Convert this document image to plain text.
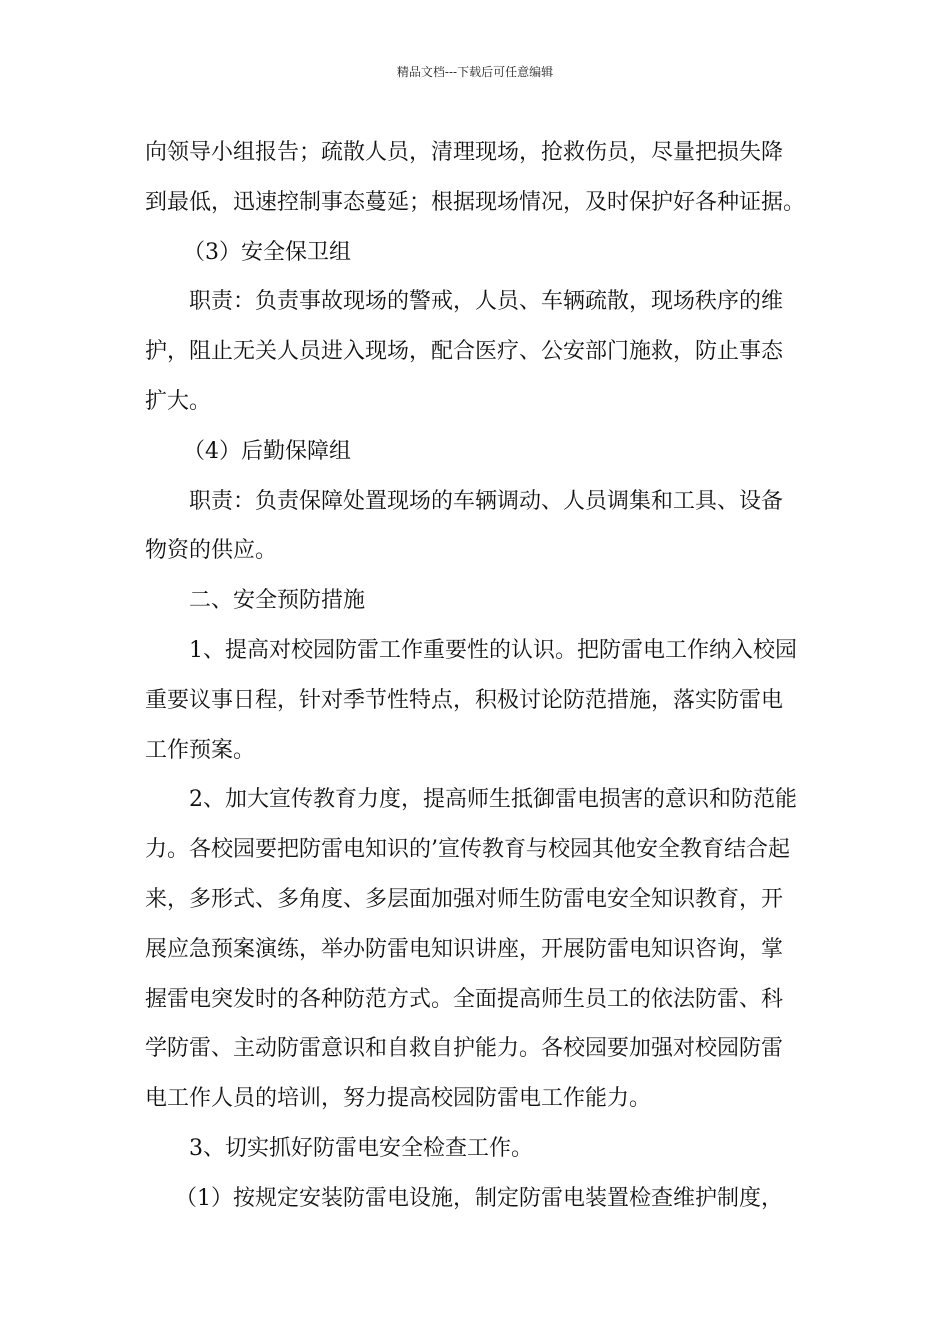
精品文档---下载后可任意编辑
向领导小组报告；疏散人员，清理现场，抢救伤员，尽量把损失降
到最低，迅速控制事态蔓延；根据现场情况，及时保护好各种证据。
（3）安全保卫组
职责：负责事故现场的警戒，人员、车辆疏散，现场秩序的维
护，阻止无关人员进入现场，配合医疗、公安部门施救，防止事态
扩大。
（4）后勤保障组
职责：负责保障处置现场的车辆调动、人员调集和工具、设备
物资的供应。
二、安全预防措施
1、提高对校园防雷工作重要性的认识。把防雷电工作纳入校园
重要议事日程，针对季节性特点，积极讨论防范措施，落实防雷电
工作预案。
2、加大宣传教育力度，提高师生抵御雷电损害的意识和防范能
力。各校园要把防雷电知识的’宣传教育与校园其他安全教育结合起
来，多形式、多角度、多层面加强对师生防雷电安全知识教育，开
展应急预案演练，举办防雷电知识讲座，开展防雷电知识咨询，掌
握雷电突发时的各种防范方式。全面提高师生员工的依法防雷、科
学防雷、主动防雷意识和自救自护能力。各校园要加强对校园防雷
电工作人员的培训，努力提高校园防雷电工作能力。
3、切实抓好防雷电安全检查工作。
（1）按规定安装防雷电设施，制定防雷电装置检查维护制度，
